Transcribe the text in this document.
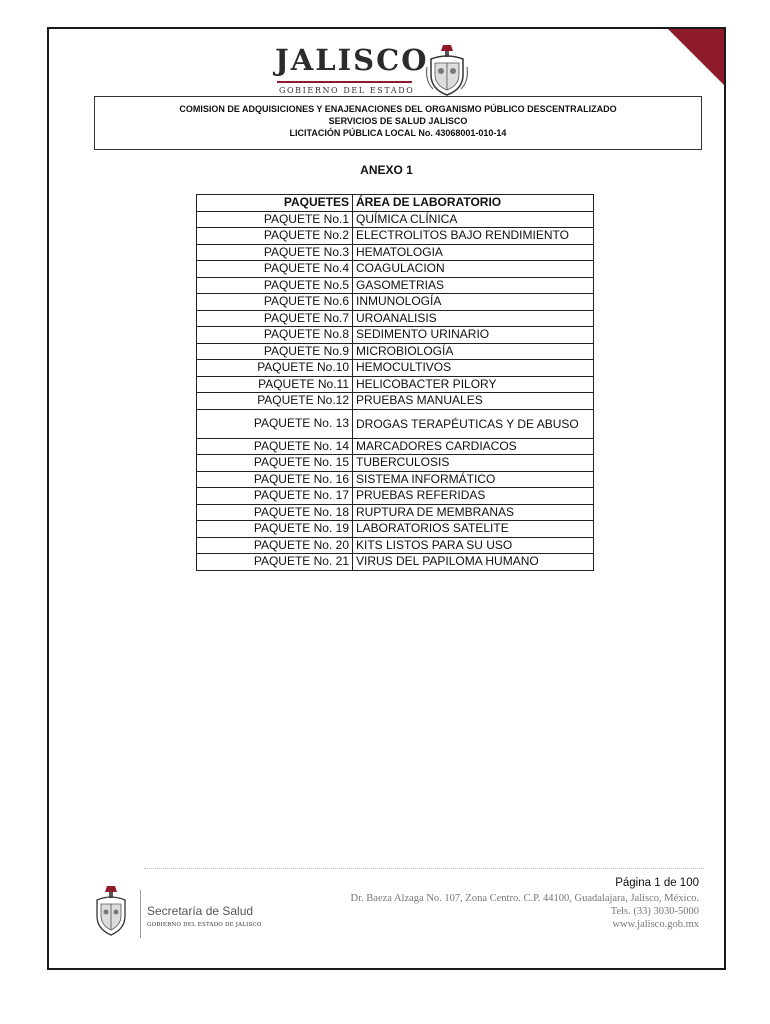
JALISCO
GOBIERNO DEL ESTADO
COMISION DE ADQUISICIONES Y ENAJENACIONES DEL ORGANISMO PÚBLICO DESCENTRALIZADO
SERVICIOS DE SALUD JALISCO
LICITACIÓN PÚBLICA LOCAL No. 43068001-010-14
ANEXO 1
PAQUETES	ÁREA DE LABORATORIO
PAQUETE No.1	QUÍMICA CLÍNICA
PAQUETE No.2	ELECTROLITOS BAJO RENDIMIENTO
PAQUETE No.3	HEMATOLOGIA
PAQUETE No.4	COAGULACION
PAQUETE No.5	GASOMETRIAS
PAQUETE No.6	INMUNOLOGÍA
PAQUETE No.7	UROANALISIS
PAQUETE No.8	SEDIMENTO URINARIO
PAQUETE No.9	MICROBIOLOGÍA
PAQUETE No.10	HEMOCULTIVOS
PAQUETE No.11	HELICOBACTER PILORY
PAQUETE No.12	PRUEBAS MANUALES
PAQUETE No. 13	DROGAS TERAPÉUTICAS Y DE ABUSO
PAQUETE No. 14	MARCADORES CARDIACOS
PAQUETE No. 15	TUBERCULOSIS
PAQUETE No. 16	SISTEMA INFORMÁTICO
PAQUETE No. 17	PRUEBAS REFERIDAS
PAQUETE No. 18	RUPTURA DE MEMBRANAS
PAQUETE No. 19	LABORATORIOS SATELITE
PAQUETE No. 20	KITS LISTOS PARA SU USO
PAQUETE No. 21	VIRUS DEL PAPILOMA HUMANO
Secretaría de Salud
GOBIERNO DEL ESTADO DE JALISCO
Página 1 de 100
Dr. Baeza Alzaga No. 107, Zona Centro. C.P. 44100, Guadalajara, Jalisco, México.
Tels. (33) 3030-5000
www.jalisco.gob.mx
